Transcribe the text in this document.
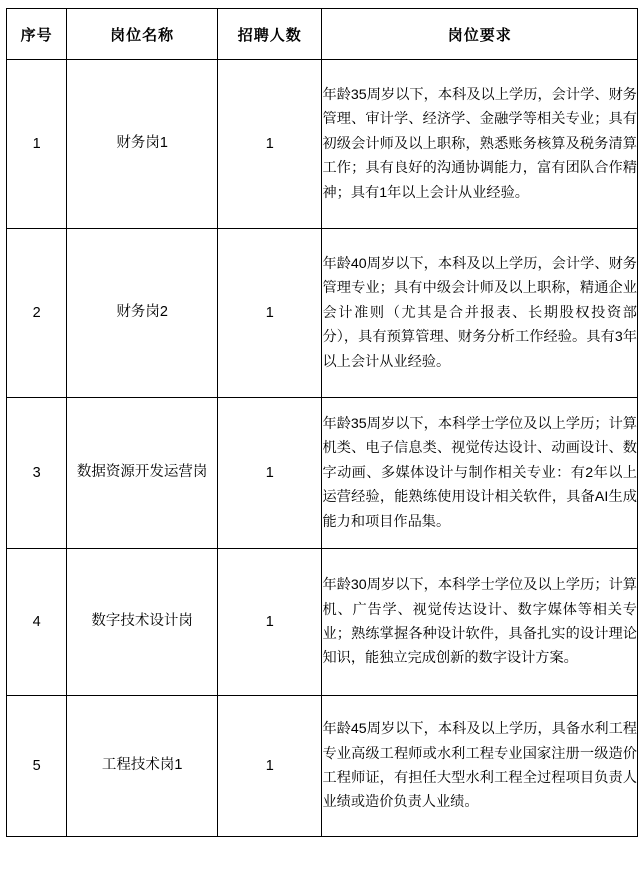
序号	岗位名称	招聘人数	岗位要求
1	财务岗1	1	年龄35周岁以下，本科及以上学历，会计学、财务管理、审计学、经济学、金融学等相关专业；具有初级会计师及以上职称，熟悉账务核算及税务清算工作；具有良好的沟通协调能力，富有团队合作精神；具有1年以上会计从业经验。

2	财务岗2	1	年龄40周岁以下，本科及以上学历，会计学、财务管理专业；具有中级会计师及以上职称，精通企业会计准则（尤其是合并报表、长期股权投资部分），具有预算管理、财务分析工作经验。具有3年以上会计从业经验。

3	数据资源开发运营岗	1	年龄35周岁以下，本科学士学位及以上学历；计算机类、电子信息类、视觉传达设计、动画设计、数字动画、多媒体设计与制作相关专业：有2年以上运营经验，能熟练使用设计相关软件，具备AI生成能力和项目作品集。

4	数字技术设计岗	1	年龄30周岁以下，本科学士学位及以上学历；计算机、广告学、视觉传达设计、数字媒体等相关专业；熟练掌握各种设计软件，具备扎实的设计理论知识，能独立完成创新的数字设计方案。

5	工程技术岗1	1	年龄45周岁以下，本科及以上学历，具备水利工程专业高级工程师或水利工程专业国家注册一级造价工程师证，有担任大型水利工程全过程项目负责人业绩或造价负责人业绩。
